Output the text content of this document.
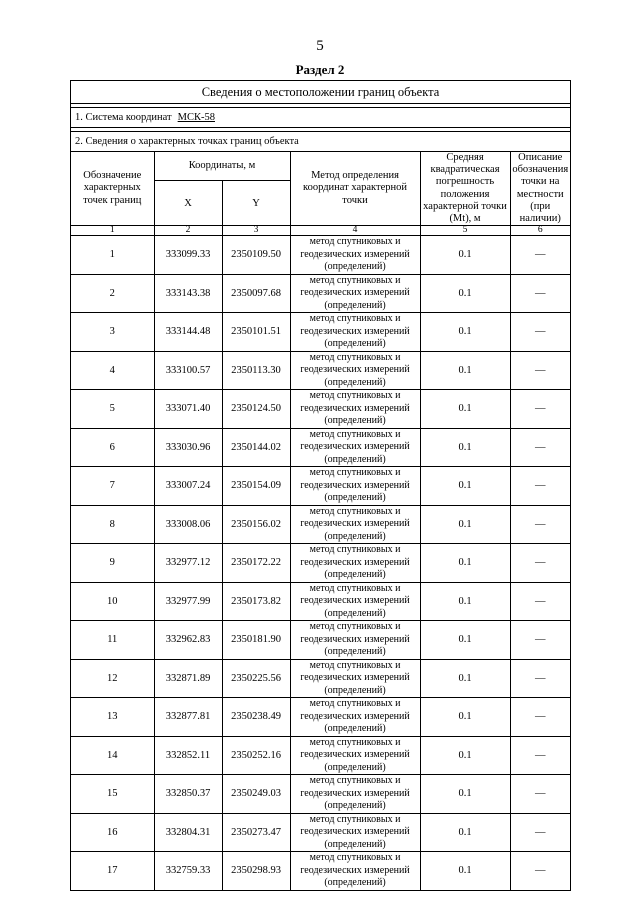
5
Раздел 2
Сведения о местоположении границ объекта
1. Система координат МСК-58
2. Сведения о характерных точках границ объекта
Обозначение характерных точек границ	Координаты, м		Метод определения координат характерной точки	Средняя квадратическая погрешность положения характерной точки (Mt), м	Описание обозначения точки на местности (при наличии)
	X	Y			
1	2	3	4	5	6
1	333099.33	2350109.50	метод спутниковых и геодезических измерений (определений)	0.1	—
2	333143.38	2350097.68	метод спутниковых и геодезических измерений (определений)	0.1	—
3	333144.48	2350101.51	метод спутниковых и геодезических измерений (определений)	0.1	—
4	333100.57	2350113.30	метод спутниковых и геодезических измерений (определений)	0.1	—
5	333071.40	2350124.50	метод спутниковых и геодезических измерений (определений)	0.1	—
6	333030.96	2350144.02	метод спутниковых и геодезических измерений (определений)	0.1	—
7	333007.24	2350154.09	метод спутниковых и геодезических измерений (определений)	0.1	—
8	333008.06	2350156.02	метод спутниковых и геодезических измерений (определений)	0.1	—
9	332977.12	2350172.22	метод спутниковых и геодезических измерений (определений)	0.1	—
10	332977.99	2350173.82	метод спутниковых и геодезических измерений (определений)	0.1	—
11	332962.83	2350181.90	метод спутниковых и геодезических измерений (определений)	0.1	—
12	332871.89	2350225.56	метод спутниковых и геодезических измерений (определений)	0.1	—
13	332877.81	2350238.49	метод спутниковых и геодезических измерений (определений)	0.1	—
14	332852.11	2350252.16	метод спутниковых и геодезических измерений (определений)	0.1	—
15	332850.37	2350249.03	метод спутниковых и геодезических измерений (определений)	0.1	—
16	332804.31	2350273.47	метод спутниковых и геодезических измерений (определений)	0.1	—
17	332759.33	2350298.93	метод спутниковых и геодезических измерений (определений)	0.1	—
